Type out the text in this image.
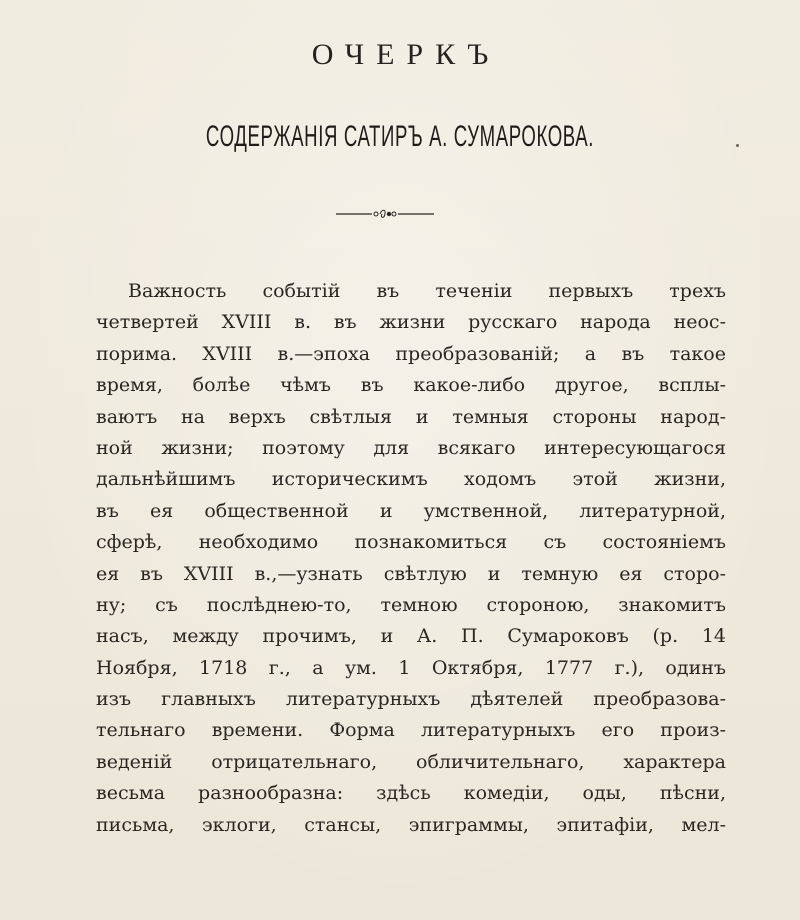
ОЧЕРКЪ
СОДЕРЖАНІЯ САТИРЪ А. СУМАРОКОВА.
Важность событій въ теченіи первыхъ трехъ
четвертей XVIII в. въ жизни русскаго народа неос-
поримa. XVIII в.—эпоха преобразованій; а въ такое
время, болѣе чѣмъ въ какое-либо другое, всплы-
ваютъ на верхъ свѣтлыя и темныя стороны народ-
ной жизни; поэтому для всякаго интересующагося
дальнѣйшимъ историческимъ ходомъ этой жизни,
въ ея общественной и умственной, литературной,
сферѣ, необходимо познакомиться съ состояніемъ
ея въ XVIII в.,—узнать свѣтлую и темную ея сторо-
ну; съ послѣднею-то, темною стороною, знакомитъ
насъ, между прочимъ, и А. П. Сумароковъ (р. 14
Ноября, 1718 г., а ум. 1 Октября, 1777 г.), одинъ
изъ главныхъ литературныхъ дѣятелей преобразова-
тельнаго времени. Форма литературныхъ его произ-
веденій отрицательнаго, обличительнаго, характера
весьма разнообразна: здѣсь комедіи, оды, пѣсни,
письма, эклоги, стансы, эпиграммы, эпитафіи, мел-
